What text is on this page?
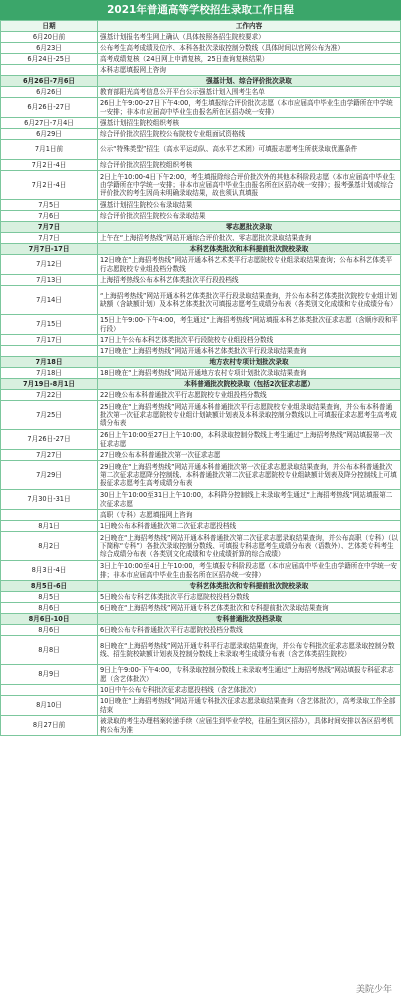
2021年普通高等学校招生录取工作日程
日期	工作内容
6月20日前	强基计划报名考生网上确认（具体按照各招生院校要求）
6月23日	公布考生高考成绩及位序、本科各批次录取控制分数线（具体时间以官网公布为准）
6月24日-25日	高考成绩复核（24日网上申请复核，25日查询复核结果）
	本科志愿填报网上咨询
6月26日-7月6日	强基计划、综合评价批次录取
6月26日	教育部阳光高考信息公开平台公示强基计划入围考生名单
6月26日-27日	26日上午9:00-27日下午4:00，考生填报综合评价批次志愿（本市应届高中毕业生由学籍所在中学统一安排；非本市应届高中毕业生由报名所在区招办统一安排）
6月27日-7月4日	强基计划招生院校组织考核
6月29日	综合评价批次招生院校公布院校专业组面试资格线
7月1日前	公示“特殊类型”招生（高水平运动队、高水平艺术团）可填报志愿考生所获录取优惠条件
7月2日-4日	综合评价批次招生院校组织考核
7月2日-4日	2日上午10:00-4日下午2:00，考生填报除综合评价批次外的其他本科阶段志愿（本市应届高中毕业生由学籍所在中学统一安排；非本市应届高中毕业生由报名所在区招办统一安排）；报考强基计划或综合评价批次的考生因尚未明确录取结果，故也须认真填报
7月5日	强基计划招生院校公布录取结果
7月6日	综合评价批次招生院校公布录取结果
7月7日	零志愿批次录取
7月7日	上午在“上海招考热线”网站开通综合评价批次、零志愿批次录取结果查询
7月7日-17日	本科艺体类批次和本科提前批次院校录取
7月12日	12日晚在“上海招考热线”网站开通本科艺术类平行志愿院校专业组录取结果查询；公布本科艺体类平行志愿院校专业组投档分数线
7月13日	上海招考热线公布本科艺体类批次平行段投档线
7月14日	“上海招考热线”网站开通本科艺体类批次平行段录取结果查询，并公布本科艺体类批次院校专业组计划缺额（含缺额计划）及本科艺体类批次可填报志愿考生成绩分布表（各类别文化成绩和专业成绩分布）
7月15日	15日上午9:00-下午4:00，考生通过“上海招考热线”网站填报本科艺体类批次征求志愿（含顺序段和平行段）
7月17日	17日上午公布本科艺体类批次平行段院校专业组投档分数线
	17日晚在“上海招考热线”网站开通本科艺体类批次平行段录取结果查询
7月18日	地方农村专项计划批次录取
7月18日	18日晚在“上海招考热线”网站开通地方农村专项计划批次录取结果查询
7月19日-8月1日	本科普通批次院校录取（包括2次征求志愿）
7月22日	22日晚公布本科普通批次平行志愿院校专业组投档分数线
7月25日	25日晚在“上海招考热线”网站开通本科普通批次平行志愿院校专业组录取结果查询，并公布本科普通批次第一次征求志愿院校专业组计划缺额计划表及本科录取控制分数线以上可填报征求志愿考生高考成绩分布表
7月26日-27日	26日上午10:00至27日上午10:00，本科录取控制分数线上考生通过“上海招考热线”网站填报第一次征求志愿
7月27日	27日晚公布本科普通批次第一次征求志愿
7月29日	29日晚在“上海招考热线”网站开通本科普通批次第一次征求志愿录取结果查询，并公布本科普通批次第二次征求志愿降分控制线、本科普通批次第二次征求志愿院校专业组缺额计划表及降分控制线上可填报征求志愿考生高考成绩分布表
7月30日-31日	30日上午10:00至31日上午10:00，本科降分控制线上未录取考生通过“上海招考热线”网站填报第二次征求志愿
	高职（专科）志愿填报网上咨询
8月1日	1日晚公布本科普通批次第二次征求志愿投档线
8月2日	2日晚在“上海招考热线”网站开通本科普通批次第二次征求志愿录取结果查询，并公布高职（专科）（以下简称“专科”）各批次录取控制分数线、可填报专科志愿考生成绩分布表（语数外）、艺体类专科考生综合成绩分布表（各类别文化成绩和专业成绩折算的综合成绩）
8月3日-4日	3日上午10:00至4日上午10:00，考生填报专科阶段志愿（本市应届高中毕业生由学籍所在中学统一安排；非本市应届高中毕业生由报名所在区招办统一安排）
8月5日-6日	专科艺体类批次和专科提前批次院校录取
8月5日	5日晚公布专科艺体类批次平行志愿院校投档分数线
8月6日	6日晚在“上海招考热线”网站开通专科艺体类批次和专科提前批次录取结果查询
8月6日-10日	专科普通批次投档录取
8月6日	6日晚公布专科普通批次平行志愿院校投档分数线
8月8日	8日晚在“上海招考热线”网站开通专科平行志愿录取结果查询，并公布专科批次征求志愿录取控制分数线、招生院校缺额计划表及控制分数线上未录取考生成绩分布表（含艺体类招生院校）
8月9日	9日上午9:00-下午4:00，专科录取控制分数线上未录取考生通过“上海招考热线”网站填报专科征求志愿（含艺体批次）
	10日中午公布专科批次征求志愿投档线（含艺体批次）
8月10日	10日晚在“上海招考热线”网站开通专科批次征求志愿录取结果查询（含艺体批次），高考录取工作全部结束
8月27日前	被录取的考生办理档案转递手续（应届生到毕业学校，往届生到区招办），具体时间安排以各区招考机构公布为准
美院少年
